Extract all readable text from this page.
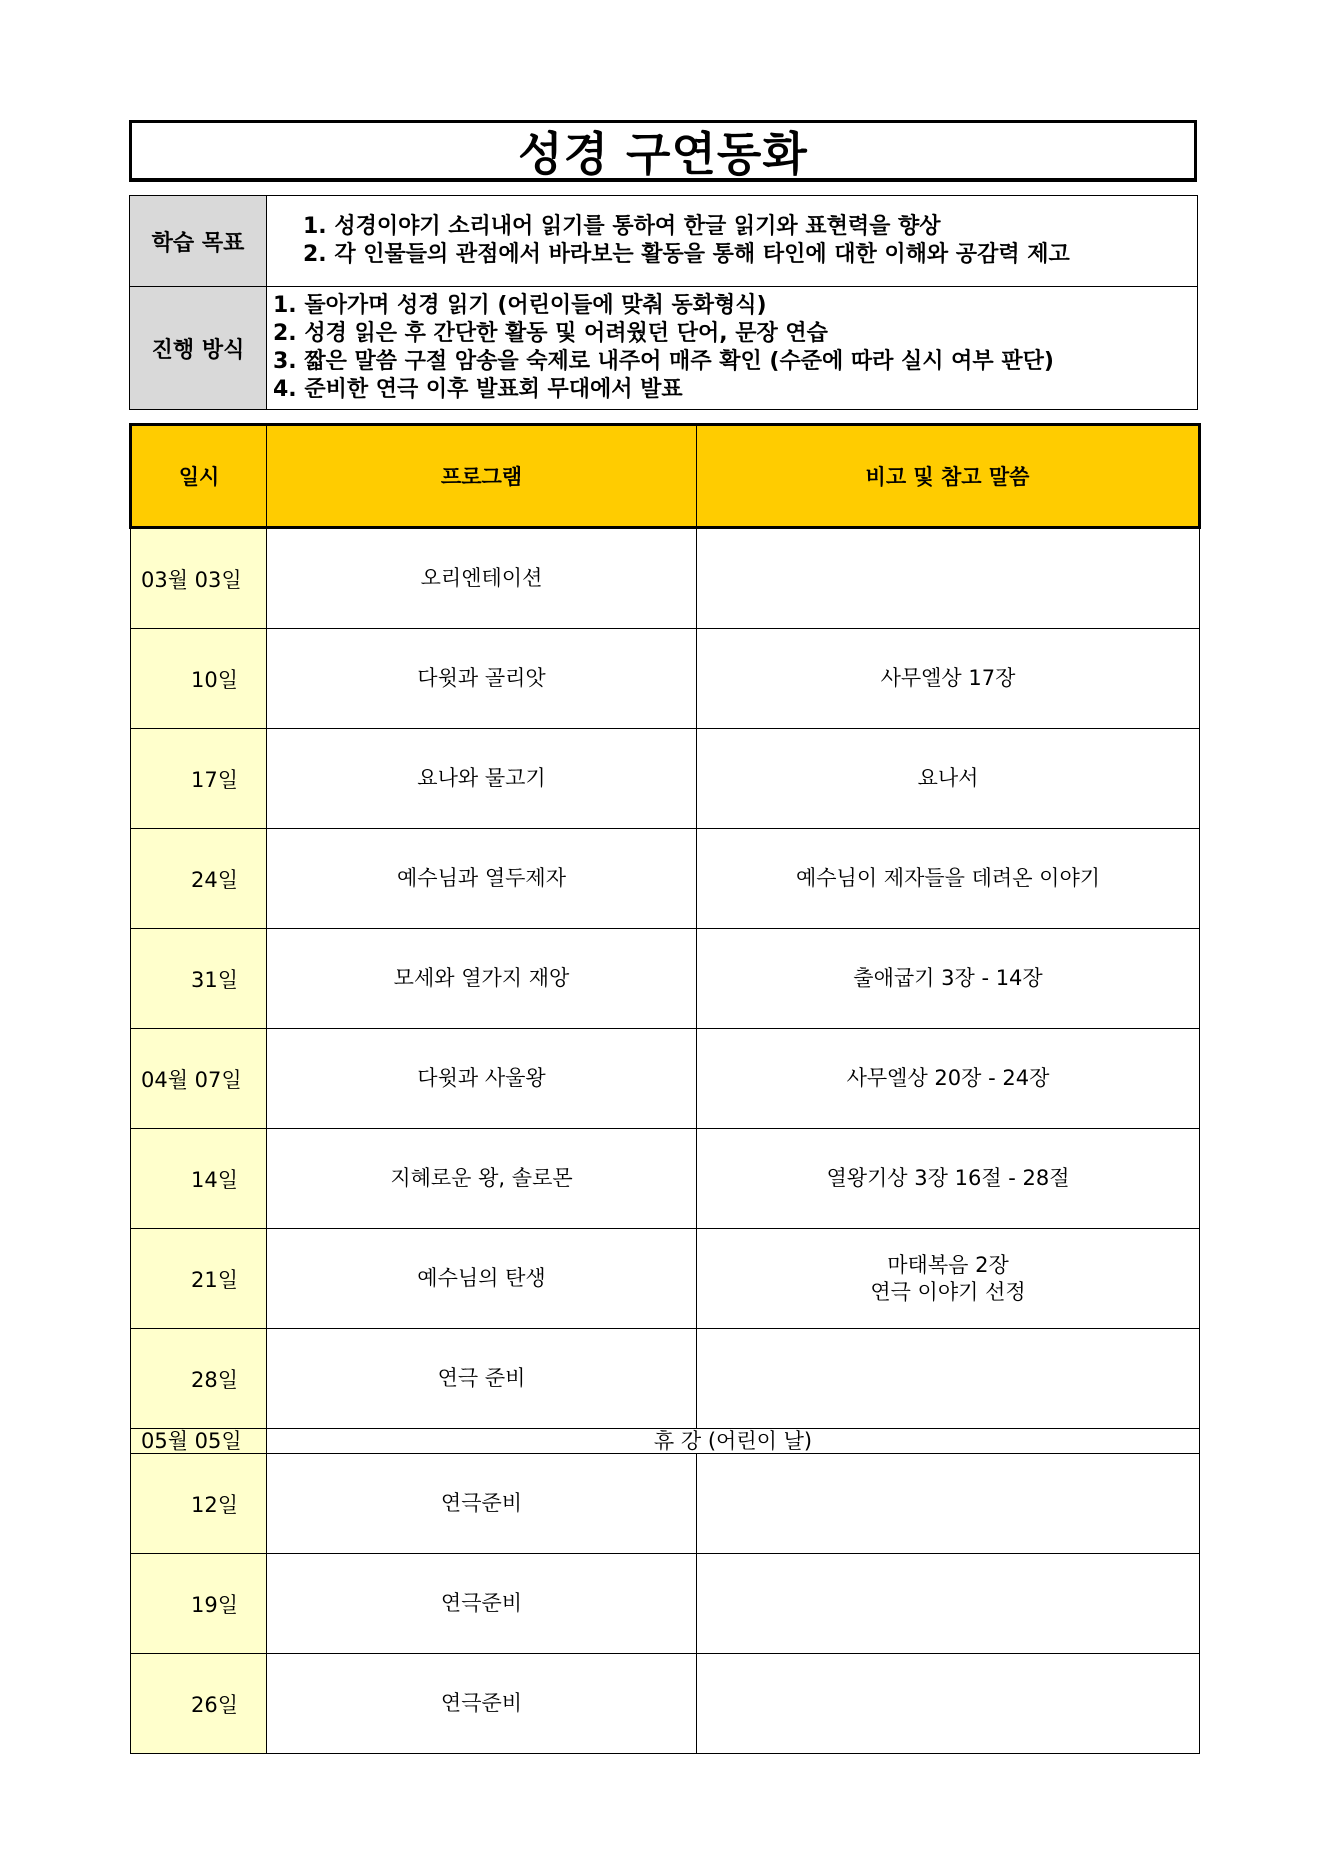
성경 구연동화
학습 목표	1. 성경이야기 소리내어 읽기를 통하여 한글 읽기와 표현력을 향상
2. 각 인물들의 관점에서 바라보는 활동을 통해 타인에 대한 이해와 공감력 제고

진행 방식	1. 돌아가며 성경 읽기 (어린이들에 맞춰 동화형식)
2. 성경 읽은 후 간단한 활동 및 어려웠던 단어, 문장 연습
3. 짧은 말씀 구절 암송을 숙제로 내주어 매주 확인 (수준에 따라 실시 여부 판단)
4. 준비한 연극 이후 발표회 무대에서 발표
일시	프로그램	비고 및 참고 말씀
03월 03일	오리엔테이션	
10일	다윗과 골리앗	사무엘상 17장
17일	요나와 물고기	요나서
24일	예수님과 열두제자	예수님이 제자들을 데려온 이야기
31일	모세와 열가지 재앙	출애굽기 3장 - 14장
04월 07일	다윗과 사울왕	사무엘상 20장 - 24장
14일	지혜로운 왕, 솔로몬	열왕기상 3장 16절 - 28절
21일	예수님의 탄생	마태복음 2장
연극 이야기 선정

28일	연극 준비	
05월 05일	휴 강 (어린이 날)	
12일	연극준비	
19일	연극준비	
26일	연극준비	
